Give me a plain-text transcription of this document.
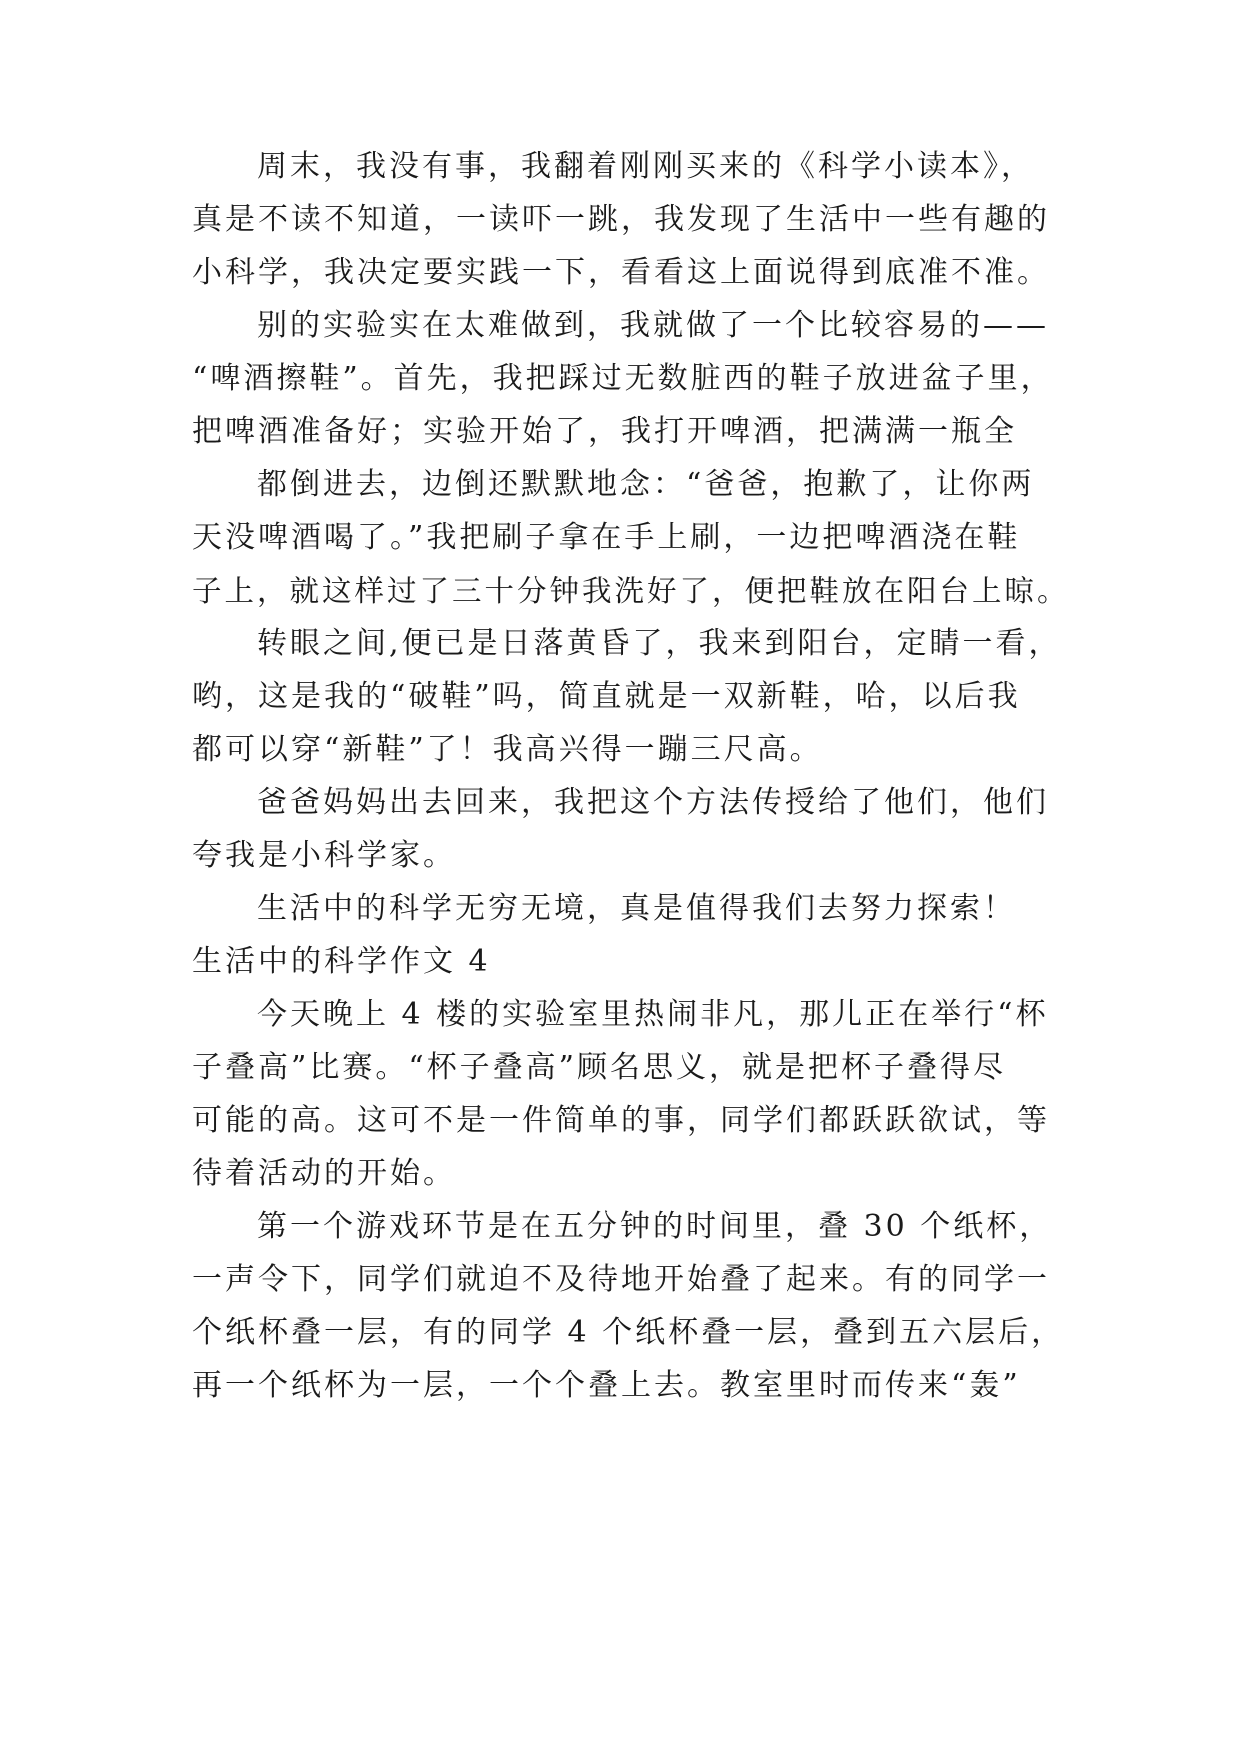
周末，我没有事，我翻着刚刚买来的《科学小读本》，
真是不读不知道，一读吓一跳，我发现了生活中一些有趣的
小科学，我决定要实践一下，看看这上面说得到底准不准。
别的实验实在太难做到，我就做了一个比较容易的——
“啤酒擦鞋”。首先，我把踩过无数脏西的鞋子放进盆子里，
把啤酒准备好；实验开始了，我打开啤酒，把满满一瓶全
都倒进去，边倒还默默地念：“爸爸，抱歉了，让你两
天没啤酒喝了。”我把刷子拿在手上刷，一边把啤酒浇在鞋
子上，就这样过了三十分钟我洗好了，便把鞋放在阳台上晾。
转眼之间,便已是日落黄昏了，我来到阳台，定睛一看，
哟，这是我的“破鞋”吗，简直就是一双新鞋，哈，以后我
都可以穿“新鞋”了！我高兴得一蹦三尺高。
爸爸妈妈出去回来，我把这个方法传授给了他们，他们
夸我是小科学家。
生活中的科学无穷无境，真是值得我们去努力探索！
生活中的科学作文 4
今天晚上 4 楼的实验室里热闹非凡，那儿正在举行“杯
子叠高”比赛。“杯子叠高”顾名思义，就是把杯子叠得尽
可能的高。这可不是一件简单的事，同学们都跃跃欲试，等
待着活动的开始。
第一个游戏环节是在五分钟的时间里，叠 30 个纸杯，
一声令下，同学们就迫不及待地开始叠了起来。有的同学一
个纸杯叠一层，有的同学 4 个纸杯叠一层，叠到五六层后，
再一个纸杯为一层，一个个叠上去。教室里时而传来“轰”
